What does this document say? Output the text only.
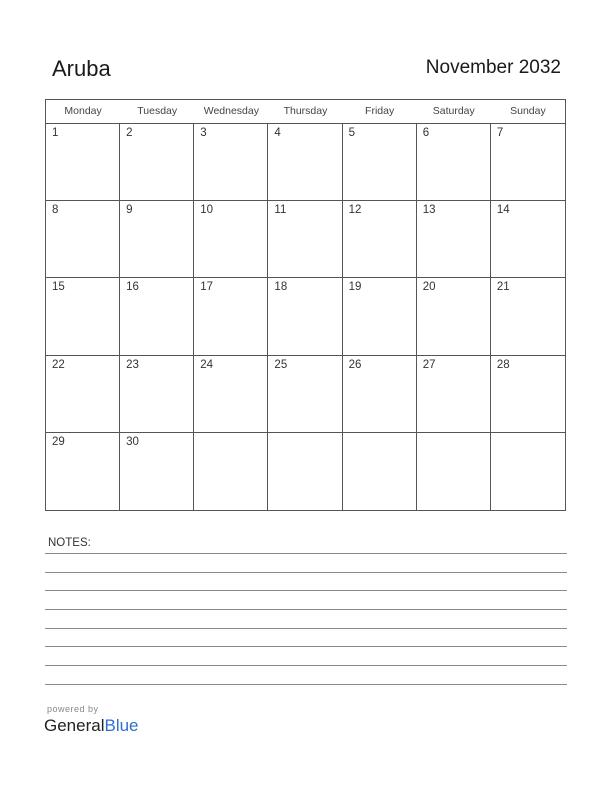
Aruba	November 2032
Monday	Tuesday	Wednesday	Thursday	Friday	Saturday	Sunday
1	2	3	4	5	6	7
8	9	10	11	12	13	14
15	16	17	18	19	20	21
22	23	24	25	26	27	28
29	30
NOTES:
powered by
GeneralBlue
